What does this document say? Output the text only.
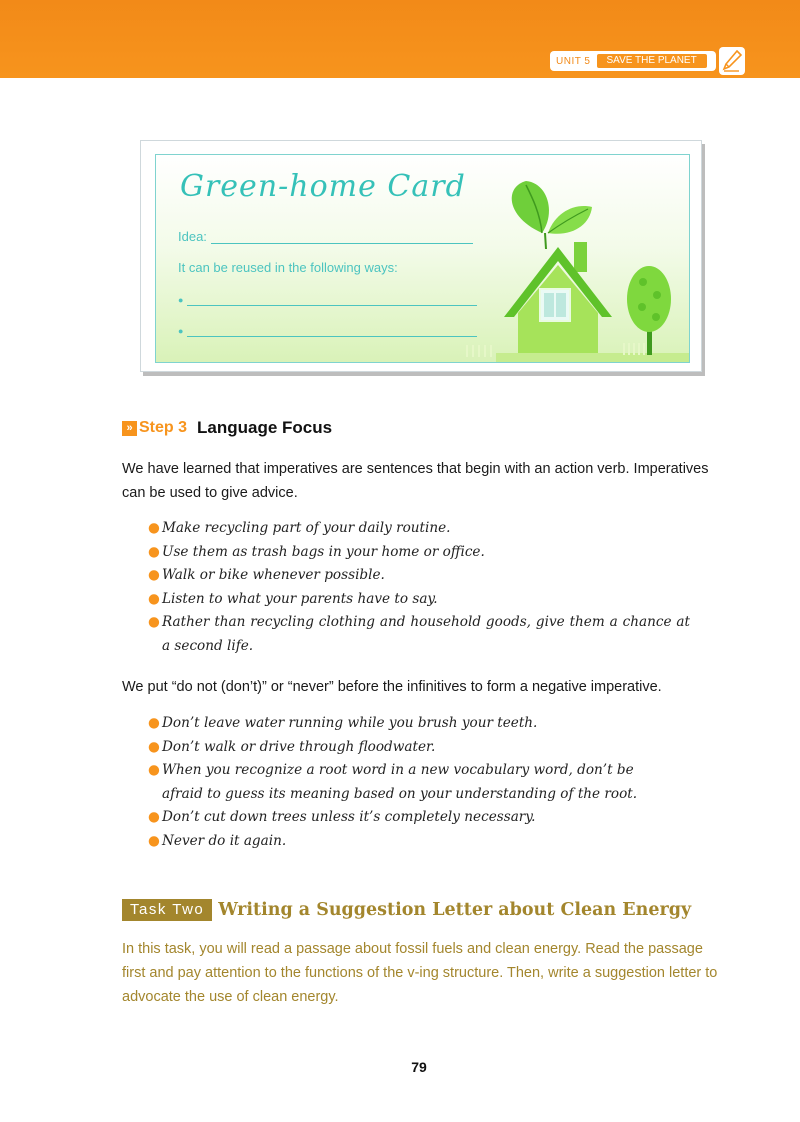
UNIT 5	SAVE THE PLANET
Green-home Card
Idea:
It can be reused in the following ways:
●
●
» Step 3 Language Focus
We have learned that imperatives are sentences that begin with an action verb. Imperatives can be used to give advice.
● Make recycling part of your daily routine.
● Use them as trash bags in your home or office.
● Walk or bike whenever possible.
● Listen to what your parents have to say.
● Rather than recycling clothing and household goods, give them a chance at a second life.
We put “do not (don’t)” or “never” before the infinitives to form a negative imperative.
● Don’t leave water running while you brush your teeth.
● Don’t walk or drive through floodwater.
● When you recognize a root word in a new vocabulary word, don’t be afraid to guess its meaning based on your understanding of the root.
● Don’t cut down trees unless it’s completely necessary.
● Never do it again.
Task Two Writing a Suggestion Letter about Clean Energy
In this task, you will read a passage about fossil fuels and clean energy. Read the passage first and pay attention to the functions of the v-ing structure. Then, write a suggestion letter to advocate the use of clean energy.
79
